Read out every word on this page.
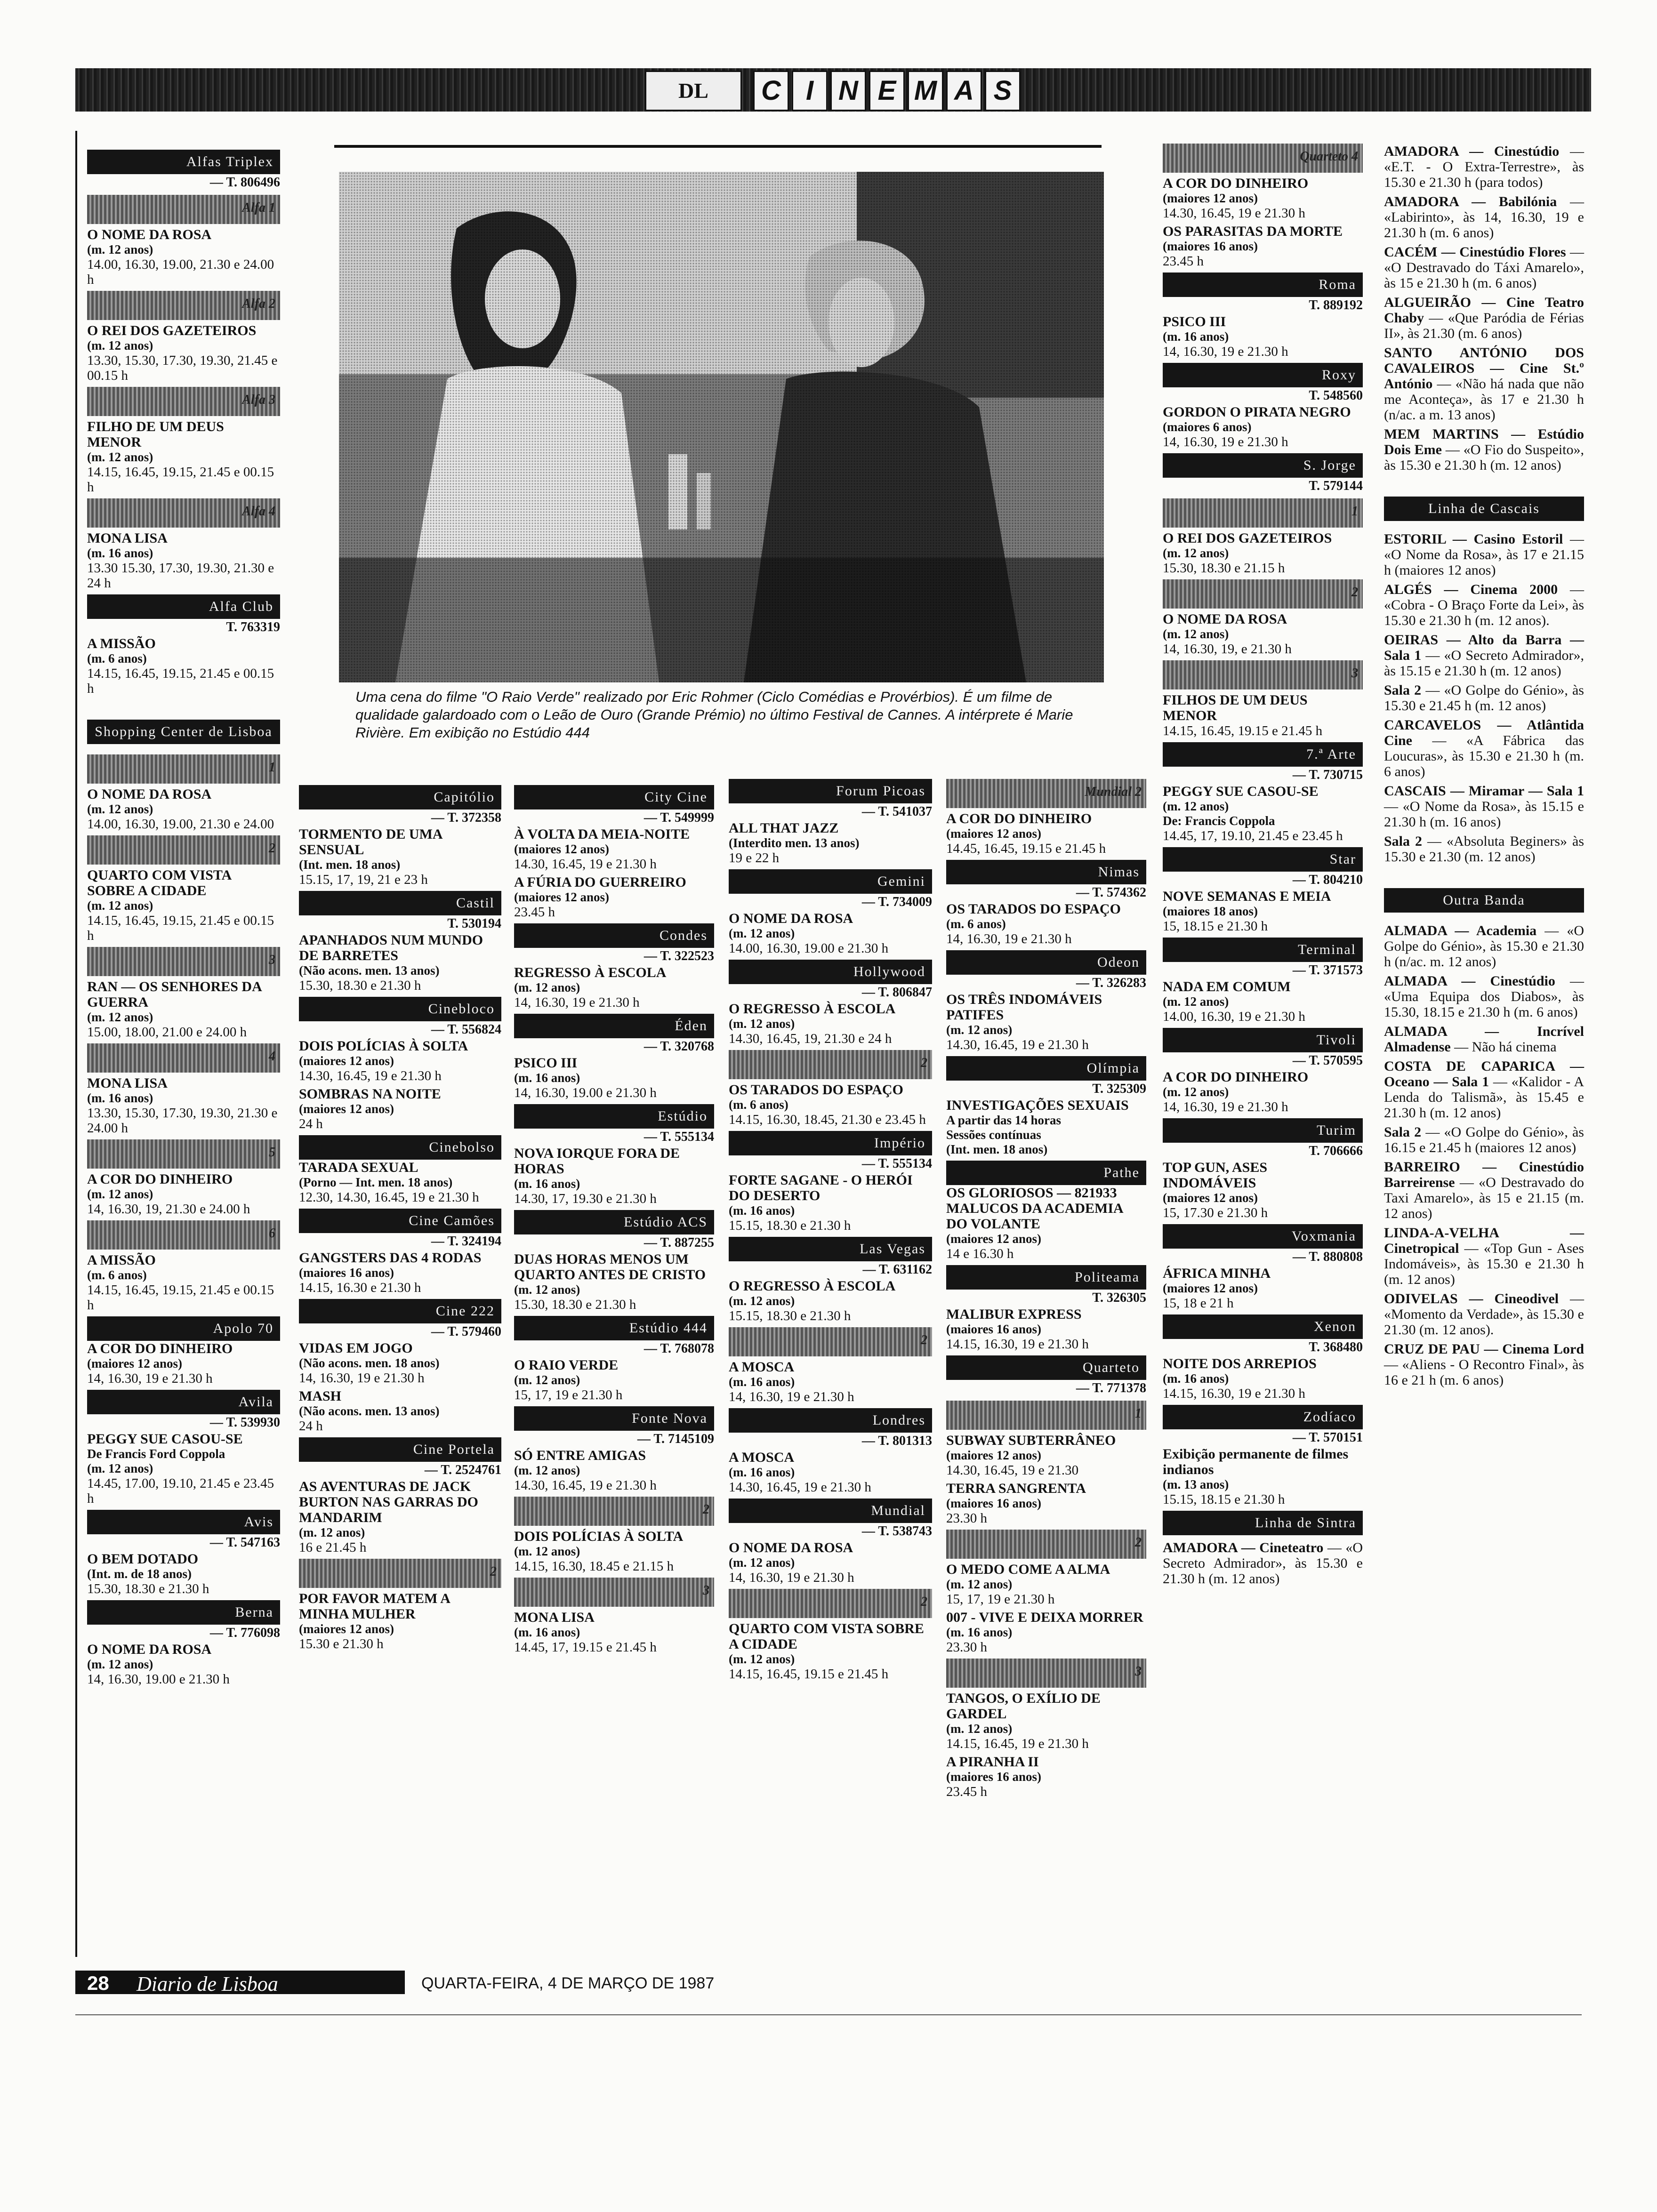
DL	C I N E M A S
Uma cena do filme "O Raio Verde" realizado por Eric Rohmer (Ciclo Comédias e Provérbios). É um filme de qualidade galardoado com o Leão de Ouro (Grande Prémio) no último Festival de Cannes. A intérprete é Marie Rivière. Em exibição no Estúdio 444
Alfas Triplex
— T. 806496
Alfa 1
O NOME DA ROSA
(m. 12 anos)
14.00, 16.30, 19.00, 21.30 e 24.00 h
Alfa 2
O REI DOS GAZETEIROS
(m. 12 anos)
13.30, 15.30, 17.30, 19.30, 21.45 e 00.15 h
Alfa 3
FILHO DE UM DEUS MENOR
(m. 12 anos)
14.15, 16.45, 19.15, 21.45 e 00.15 h
Alfa 4
MONA LISA
(m. 16 anos)
13.30 15.30, 17.30, 19.30, 21.30 e 24 h
Alfa Club
T. 763319
A MISSÃO
(m. 6 anos)
14.15, 16.45, 19.15, 21.45 e 00.15 h
Shopping Center de Lisboa
1
O NOME DA ROSA
(m. 12 anos)
14.00, 16.30, 19.00, 21.30 e 24.00
2
QUARTO COM VISTA SOBRE A CIDADE
(m. 12 anos)
14.15, 16.45, 19.15, 21.45 e 00.15 h
3
RAN — OS SENHORES DA GUERRA
(m. 12 anos)
15.00, 18.00, 21.00 e 24.00 h
4
MONA LISA
(m. 16 anos)
13.30, 15.30, 17.30, 19.30, 21.30 e 24.00 h
5
A COR DO DINHEIRO
(m. 12 anos)
14, 16.30, 19, 21.30 e 24.00 h
6
A MISSÃO
(m. 6 anos)
14.15, 16.45, 19.15, 21.45 e 00.15 h
Apolo 70
A COR DO DINHEIRO
(maiores 12 anos)
14, 16.30, 19 e 21.30 h
Avila
— T. 539930
PEGGY SUE CASOU-SE
De Francis Ford Coppola
(m. 12 anos)
14.45, 17.00, 19.10, 21.45 e 23.45 h
Avis
— T. 547163
O BEM DOTADO
(Int. m. de 18 anos)
15.30, 18.30 e 21.30 h
Berna
— T. 776098
O NOME DA ROSA
(m. 12 anos)
14, 16.30, 19.00 e 21.30 h
Capitólio
— T. 372358
TORMENTO DE UMA SENSUAL
(Int. men. 18 anos)
15.15, 17, 19, 21 e 23 h
Castil
T. 530194
APANHADOS NUM MUNDO DE BARRETES
(Não acons. men. 13 anos)
15.30, 18.30 e 21.30 h
Cinebloco
— T. 556824
DOIS POLÍCIAS À SOLTA
(maiores 12 anos)
14.30, 16.45, 19 e 21.30 h
SOMBRAS NA NOITE
(maiores 12 anos)
24 h
Cinebolso
TARADA SEXUAL
(Porno — Int. men. 18 anos)
12.30, 14.30, 16.45, 19 e 21.30 h
Cine Camões
— T. 324194
GANGSTERS DAS 4 RODAS
(maiores 16 anos)
14.15, 16.30 e 21.30 h
Cine 222
— T. 579460
VIDAS EM JOGO
(Não acons. men. 18 anos)
14, 16.30, 19 e 21.30 h
MASH
(Não acons. men. 13 anos)
24 h
Cine Portela
— T. 2524761
AS AVENTURAS DE JACK BURTON NAS GARRAS DO MANDARIM
(m. 12 anos)
16 e 21.45 h
2
POR FAVOR MATEM A MINHA MULHER
(maiores 12 anos)
15.30 e 21.30 h
City Cine
— T. 549999
À VOLTA DA MEIA-NOITE
(maiores 12 anos)
14.30, 16.45, 19 e 21.30 h
A FÚRIA DO GUERREIRO
(maiores 12 anos)
23.45 h
Condes
— T. 322523
REGRESSO À ESCOLA
(m. 12 anos)
14, 16.30, 19 e 21.30 h
Éden
— T. 320768
PSICO III
(m. 16 anos)
14, 16.30, 19.00 e 21.30 h
Estúdio
— T. 555134
NOVA IORQUE FORA DE HORAS
(m. 16 anos)
14.30, 17, 19.30 e 21.30 h
Estúdio ACS
— T. 887255
DUAS HORAS MENOS UM QUARTO ANTES DE CRISTO
(m. 12 anos)
15.30, 18.30 e 21.30 h
Estúdio 444
— T. 768078
O RAIO VERDE
(m. 12 anos)
15, 17, 19 e 21.30 h
Fonte Nova
— T. 7145109
SÓ ENTRE AMIGAS
(m. 12 anos)
14.30, 16.45, 19 e 21.30 h
2
DOIS POLÍCIAS À SOLTA
(m. 12 anos)
14.15, 16.30, 18.45 e 21.15 h
3
MONA LISA
(m. 16 anos)
14.45, 17, 19.15 e 21.45 h
Forum Picoas
— T. 541037
ALL THAT JAZZ
(Interdito men. 13 anos)
19 e 22 h
Gemini
— T. 734009
O NOME DA ROSA
(m. 12 anos)
14.00, 16.30, 19.00 e 21.30 h
Hollywood
— T. 806847
O REGRESSO À ESCOLA
(m. 12 anos)
14.30, 16.45, 19, 21.30 e 24 h
2
OS TARADOS DO ESPAÇO
(m. 6 anos)
14.15, 16.30, 18.45, 21.30 e 23.45 h
Império
— T. 555134
FORTE SAGANE - O HERÓI DO DESERTO
(m. 16 anos)
15.15, 18.30 e 21.30 h
Las Vegas
— T. 631162
O REGRESSO À ESCOLA
(m. 12 anos)
15.15, 18.30 e 21.30 h
2
A MOSCA
(m. 16 anos)
14, 16.30, 19 e 21.30 h
Londres
— T. 801313
A MOSCA
(m. 16 anos)
14.30, 16.45, 19 e 21.30 h
Mundial
— T. 538743
O NOME DA ROSA
(m. 12 anos)
14, 16.30, 19 e 21.30 h
2
QUARTO COM VISTA SOBRE A CIDADE
(m. 12 anos)
14.15, 16.45, 19.15 e 21.45 h
Mundial 2
A COR DO DINHEIRO
(maiores 12 anos)
14.45, 16.45, 19.15 e 21.45 h
Nimas
— T. 574362
OS TARADOS DO ESPAÇO
(m. 6 anos)
14, 16.30, 19 e 21.30 h
Odeon
— T. 326283
OS TRÊS INDOMÁVEIS PATIFES
(m. 12 anos)
14.30, 16.45, 19 e 21.30 h
Olímpia
T. 325309
INVESTIGAÇÕES SEXUAIS
A partir das 14 horas
Sessões contínuas
(Int. men. 18 anos)
Pathe
OS GLORIOSOS — 821933 MALUCOS DA ACADEMIA DO VOLANTE
(maiores 12 anos)
14 e 16.30 h
Politeama
T. 326305
MALIBUR EXPRESS
(maiores 16 anos)
14.15, 16.30, 19 e 21.30 h
Quarteto
— T. 771378
1
SUBWAY SUBTERRÂNEO
(maiores 12 anos)
14.30, 16.45, 19 e 21.30
TERRA SANGRENTA
(maiores 16 anos)
23.30 h
2
O MEDO COME A ALMA
(m. 12 anos)
15, 17, 19 e 21.30 h
007 - VIVE E DEIXA MORRER
(m. 16 anos)
23.30 h
3
TANGOS, O EXÍLIO DE GARDEL
(m. 12 anos)
14.15, 16.45, 19 e 21.30 h
A PIRANHA II
(maiores 16 anos)
23.45 h
Quarteto 4
A COR DO DINHEIRO
(maiores 12 anos)
14.30, 16.45, 19 e 21.30 h
OS PARASITAS DA MORTE
(maiores 16 anos)
23.45 h
Roma
T. 889192
PSICO III
(m. 16 anos)
14, 16.30, 19 e 21.30 h
Roxy
T. 548560
GORDON O PIRATA NEGRO
(maiores 6 anos)
14, 16.30, 19 e 21.30 h
S. Jorge
T. 579144
1
O REI DOS GAZETEIROS
(m. 12 anos)
15.30, 18.30 e 21.15 h
2
O NOME DA ROSA
(m. 12 anos)
14, 16.30, 19, e 21.30 h
3
FILHOS DE UM DEUS MENOR
14.15, 16.45, 19.15 e 21.45 h
7.ª Arte
— T. 730715
PEGGY SUE CASOU-SE
(m. 12 anos)
De: Francis Coppola
14.45, 17, 19.10, 21.45 e 23.45 h
Star
— T. 804210
NOVE SEMANAS E MEIA
(maiores 18 anos)
15, 18.15 e 21.30 h
Terminal
— T. 371573
NADA EM COMUM
(m. 12 anos)
14.00, 16.30, 19 e 21.30 h
Tivoli
— T. 570595
A COR DO DINHEIRO
(m. 12 anos)
14, 16.30, 19 e 21.30 h
Turim
T. 706666
TOP GUN, ASES INDOMÁVEIS
(maiores 12 anos)
15, 17.30 e 21.30 h
Voxmania
— T. 880808
ÁFRICA MINHA
(maiores 12 anos)
15, 18 e 21 h
Xenon
T. 368480
NOITE DOS ARREPIOS
(m. 16 anos)
14.15, 16.30, 19 e 21.30 h
Zodíaco
— T. 570151
Exibição permanente de filmes indianos
(m. 13 anos)
15.15, 18.15 e 21.30 h
Linha de Sintra
AMADORA — Cineteatro — «O Secreto Admirador», às 15.30 e 21.30 h (m. 12 anos)
AMADORA — Cinestúdio — «E.T. - O Extra-Terrestre», às 15.30 e 21.30 h (para todos)
AMADORA — Babilónia — «Labirinto», às 14, 16.30, 19 e 21.30 h (m. 6 anos)
CACÉM — Cinestúdio Flores — «O Destravado do Táxi Amarelo», às 15 e 21.30 h (m. 6 anos)
ALGUEIRÃO — Cine Teatro Chaby — «Que Paródia de Férias II», às 21.30 (m. 6 anos)
SANTO ANTÓNIO DOS CAVALEIROS — Cine St.º António — «Não há nada que não me Aconteça», às 17 e 21.30 h (n/ac. a m. 13 anos)
MEM MARTINS — Estúdio Dois Eme — «O Fio do Suspeito», às 15.30 e 21.30 h (m. 12 anos)
Linha de Cascais
ESTORIL — Casino Estoril — «O Nome da Rosa», às 17 e 21.15 h (maiores 12 anos)
ALGÉS — Cinema 2000 — «Cobra - O Braço Forte da Lei», às 15.30 e 21.30 h (m. 12 anos).
OEIRAS — Alto da Barra — Sala 1 — «O Secreto Admirador», às 15.15 e 21.30 h (m. 12 anos)
Sala 2 — «O Golpe do Génio», às 15.30 e 21.45 h (m. 12 anos)
CARCAVELOS — Atlântida Cine — «A Fábrica das Loucuras», às 15.30 e 21.30 h (m. 6 anos)
CASCAIS — Miramar — Sala 1 — «O Nome da Rosa», às 15.15 e 21.30 h (m. 16 anos)
Sala 2 — «Absoluta Beginers» às 15.30 e 21.30 (m. 12 anos)
Outra Banda
ALMADA — Academia — «O Golpe do Génio», às 15.30 e 21.30 h (n/ac. m. 12 anos)
ALMADA — Cinestúdio — «Uma Equipa dos Diabos», às 15.30, 18.15 e 21.30 h (m. 6 anos)
ALMADA — Incrível Almadense — Não há cinema
COSTA DE CAPARICA — Oceano — Sala 1 — «Kalidor - A Lenda do Talismã», às 15.45 e 21.30 h (m. 12 anos)
Sala 2 — «O Golpe do Génio», às 16.15 e 21.45 h (maiores 12 anos)
BARREIRO — Cinestúdio Barreirense — «O Destravado do Taxi Amarelo», às 15 e 21.15 (m. 12 anos)
LINDA-A-VELHA — Cinetropical — «Top Gun - Ases Indomáveis», às 15.30 e 21.30 h (m. 12 anos)
ODIVELAS — Cineodivel — «Momento da Verdade», às 15.30 e 21.30 (m. 12 anos).
CRUZ DE PAU — Cinema Lord — «Aliens - O Recontro Final», às 16 e 21 h (m. 6 anos)
28 Diario de Lisboa	QUARTA-FEIRA, 4 DE MARÇO DE 1987
